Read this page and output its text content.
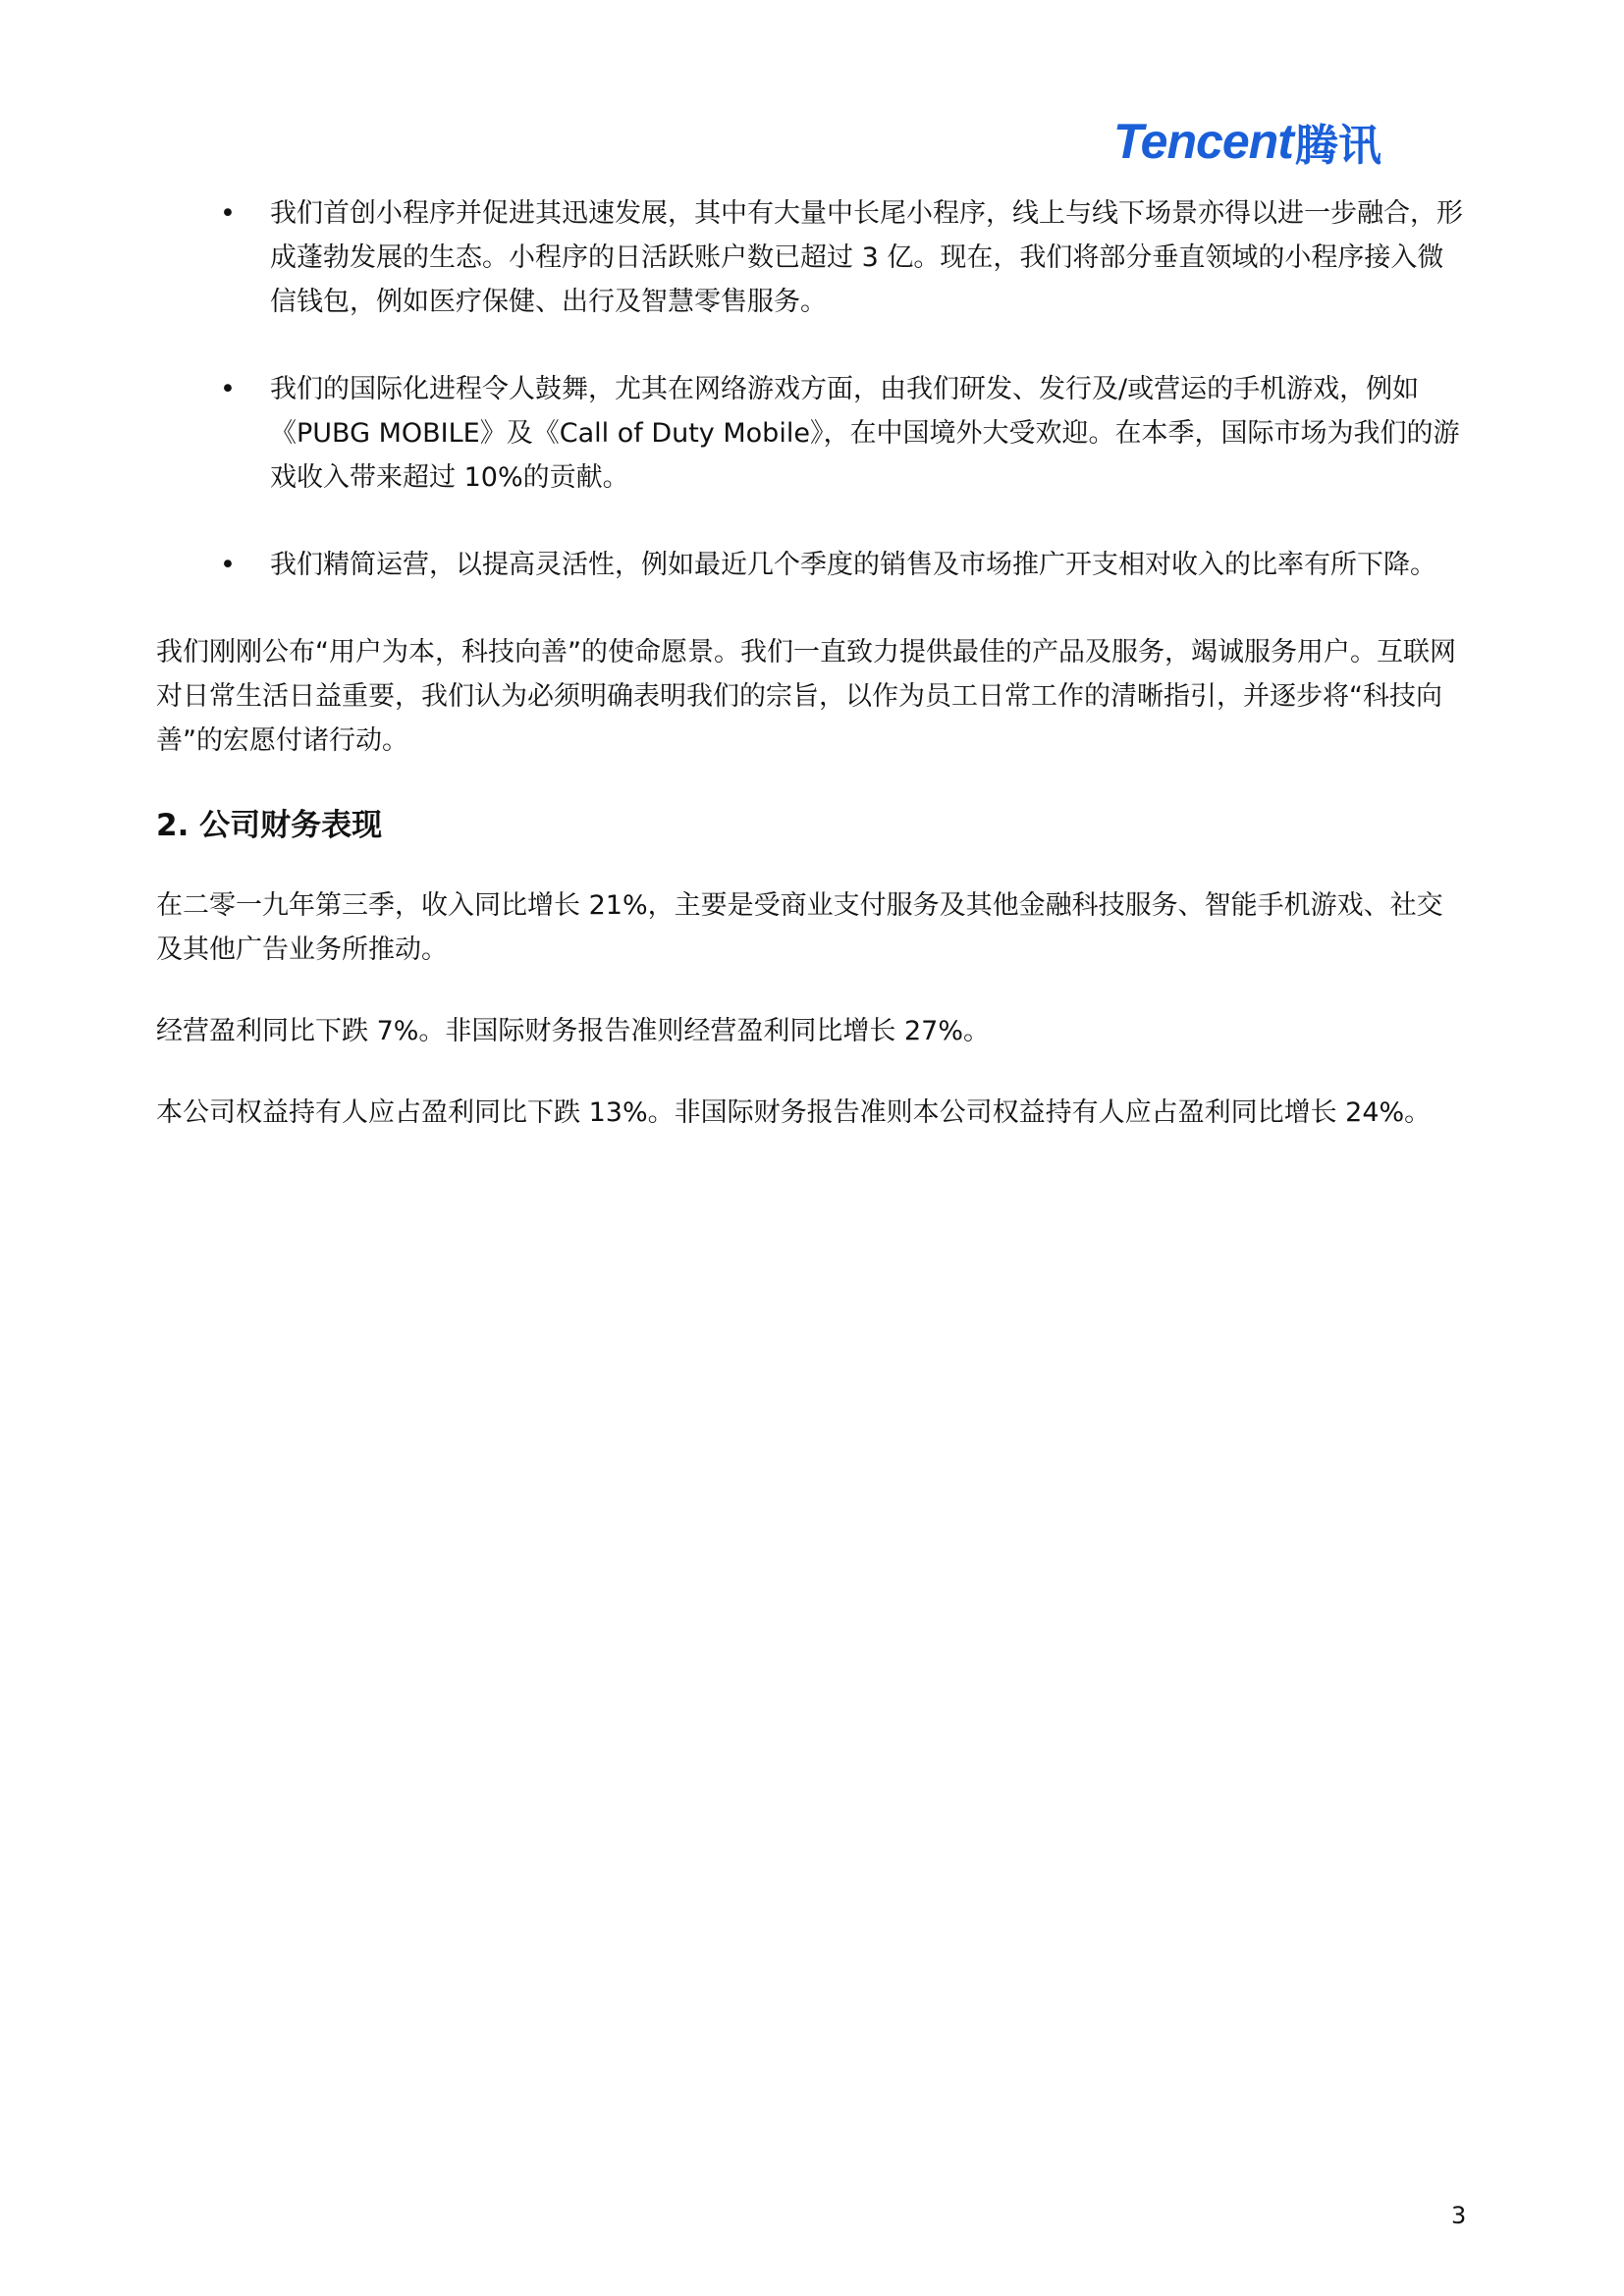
Tencent 腾讯
• 我们首创小程序并促进其迅速发展，其中有大量中长尾小程序，线上与线下场景亦得以进一步融合，形成蓬勃发展的生态。小程序的日活跃账户数已超过 3 亿。现在，我们将部分垂直领域的小程序接入微信钱包，例如医疗保健、出行及智慧零售服务。
• 我们的国际化进程令人鼓舞，尤其在网络游戏方面，由我们研发、发行及/或营运的手机游戏，例如《PUBG MOBILE》及《Call of Duty Mobile》，在中国境外大受欢迎。在本季，国际市场为我们的游戏收入带来超过 10%的贡献。
• 我们精简运营，以提高灵活性，例如最近几个季度的销售及市场推广开支相对收入的比率有所下降。

我们刚刚公布“用户为本，科技向善”的使命愿景。我们一直致力提供最佳的产品及服务，竭诚服务用户。互联网对日常生活日益重要，我们认为必须明确表明我们的宗旨，以作为员工日常工作的清晰指引，并逐步将“科技向善”的宏愿付诸行动。

2. 公司财务表现

在二零一九年第三季，收入同比增长 21%，主要是受商业支付服务及其他金融科技服务、智能手机游戏、社交及其他广告业务所推动。

经营盈利同比下跌 7%。非国际财务报告准则经营盈利同比增长 27%。

本公司权益持有人应占盈利同比下跌 13%。非国际财务报告准则本公司权益持有人应占盈利同比增长 24%。

3
